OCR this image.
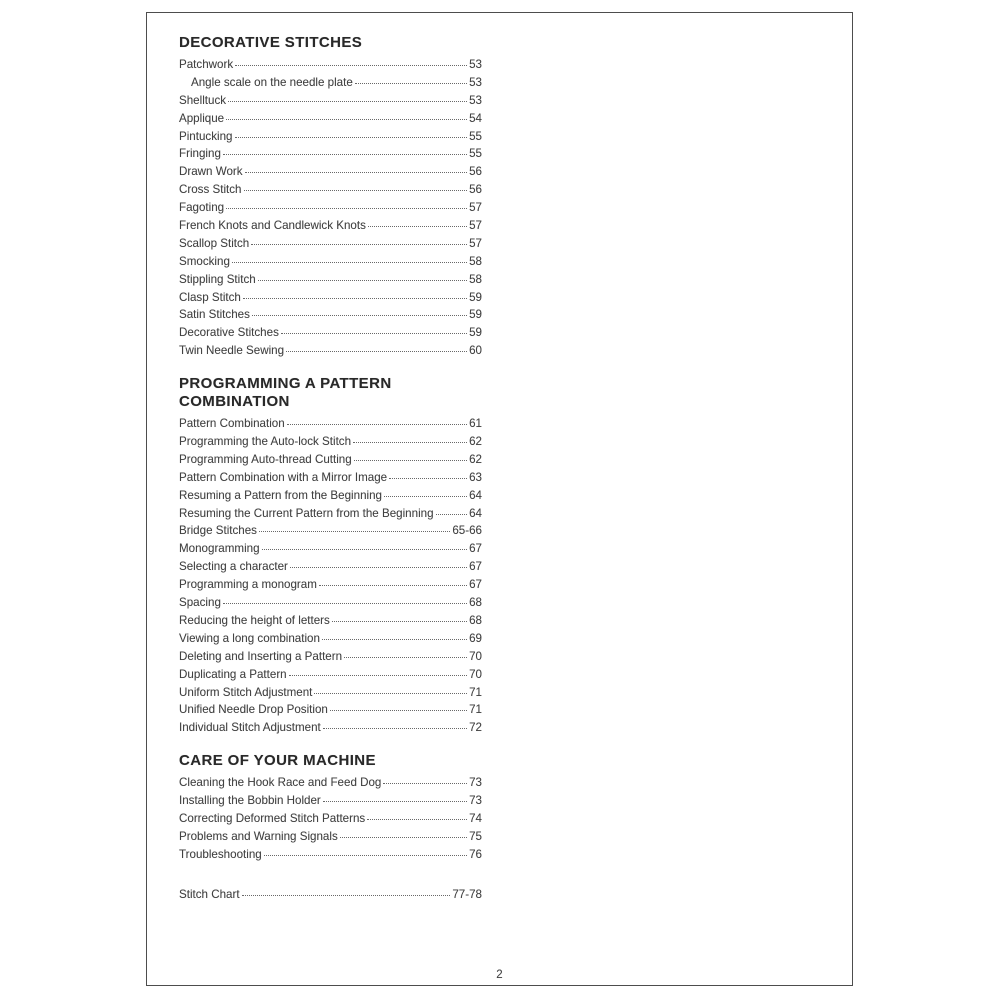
DECORATIVE STITCHES
Patchwork	53
Angle scale on the needle plate	53
Shelltuck	53
Applique	54
Pintucking	55
Fringing	55
Drawn Work	56
Cross Stitch	56
Fagoting	57
French Knots and Candlewick Knots	57
Scallop Stitch	57
Smocking	58
Stippling Stitch	58
Clasp Stitch	59
Satin Stitches	59
Decorative Stitches	59
Twin Needle Sewing	60
PROGRAMMING A PATTERN COMBINATION
Pattern Combination	61
Programming the Auto-lock Stitch	62
Programming Auto-thread Cutting	62
Pattern Combination with a Mirror Image	63
Resuming a Pattern from the Beginning	64
Resuming the Current Pattern from the Beginning	64
Bridge Stitches	65-66
Monogramming	67
Selecting a character	67
Programming a monogram	67
Spacing	68
Reducing the height of letters	68
Viewing a long combination	69
Deleting and Inserting a Pattern	70
Duplicating a Pattern	70
Uniform Stitch Adjustment	71
Unified Needle Drop Position	71
Individual Stitch Adjustment	72
CARE OF YOUR MACHINE
Cleaning the Hook Race and Feed Dog	73
Installing the Bobbin Holder	73
Correcting Deformed Stitch Patterns	74
Problems and Warning Signals	75
Troubleshooting	76
Stitch Chart	77-78
2
